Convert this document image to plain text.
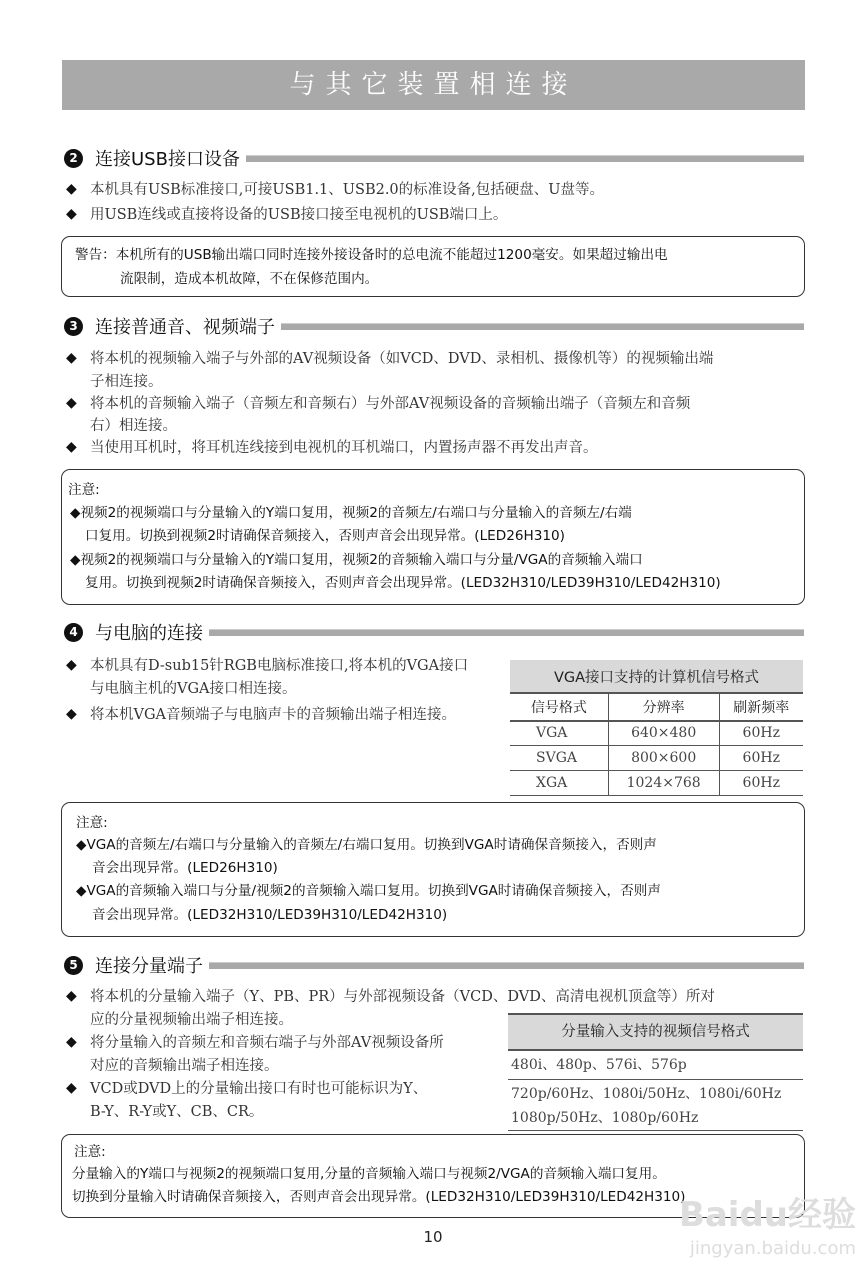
与其它装置相连接
2 连接USB接口设备
◆ 本机具有USB标准接口,可接USB1.1、USB2.0的标准设备,包括硬盘、U盘等。
◆ 用USB连线或直接将设备的USB接口接至电视机的USB端口上。
警告：本机所有的USB输出端口同时连接外接设备时的总电流不能超过1200毫安。如果超过输出电
流限制，造成本机故障，不在保修范围内。
3 连接普通音、视频端子
◆ 将本机的视频输入端子与外部的AV视频设备（如VCD、DVD、录相机、摄像机等）的视频输出端
子相连接。
◆ 将本机的音频输入端子（音频左和音频右）与外部AV视频设备的音频输出端子（音频左和音频
右）相连接。
◆ 当使用耳机时，将耳机连线接到电视机的耳机端口，内置扬声器不再发出声音。
注意:
◆视频2的视频端口与分量输入的Y端口复用，视频2的音频左/右端口与分量输入的音频左/右端
口复用。切换到视频2时请确保音频接入，否则声音会出现异常。(LED26H310)
◆视频2的视频端口与分量输入的Y端口复用，视频2的音频输入端口与分量/VGA的音频输入端口
复用。切换到视频2时请确保音频接入，否则声音会出现异常。(LED32H310/LED39H310/LED42H310)
4 与电脑的连接
◆ 本机具有D-sub15针RGB电脑标准接口,将本机的VGA接口
与电脑主机的VGA接口相连接。
◆ 将本机VGA音频端子与电脑声卡的音频输出端子相连接。
VGA接口支持的计算机信号格式		
信号格式	分辨率	刷新频率
VGA	640×480	60Hz
SVGA	800×600	60Hz
XGA	1024×768	60Hz
注意:
◆VGA的音频左/右端口与分量输入的音频左/右端口复用。切换到VGA时请确保音频接入，否则声
音会出现异常。(LED26H310)
◆VGA的音频输入端口与分量/视频2的音频输入端口复用。切换到VGA时请确保音频接入，否则声
音会出现异常。(LED32H310/LED39H310/LED42H310)
5 连接分量端子
◆ 将本机的分量输入端子（Y、PB、PR）与外部视频设备（VCD、DVD、高清电视机顶盒等）所对
应的分量视频输出端子相连接。
◆ 将分量输入的音频左和音频右端子与外部AV视频设备所
对应的音频输出端子相连接。
◆ VCD或DVD上的分量输出接口有时也可能标识为Y、
B-Y、R-Y或Y、CB、CR。
分量输入支持的视频信号格式
480i、480p、576i、576p
720p/60Hz、1080i/50Hz、1080i/60Hz
1080p/50Hz、1080p/60Hz
注意:
分量输入的Y端口与视频2的视频端口复用,分量的音频输入端口与视频2/VGA的音频输入端口复用。
切换到分量输入时请确保音频接入，否则声音会出现异常。(LED32H310/LED39H310/LED42H310)
10
Baidu经验
jingyan.baidu.com
